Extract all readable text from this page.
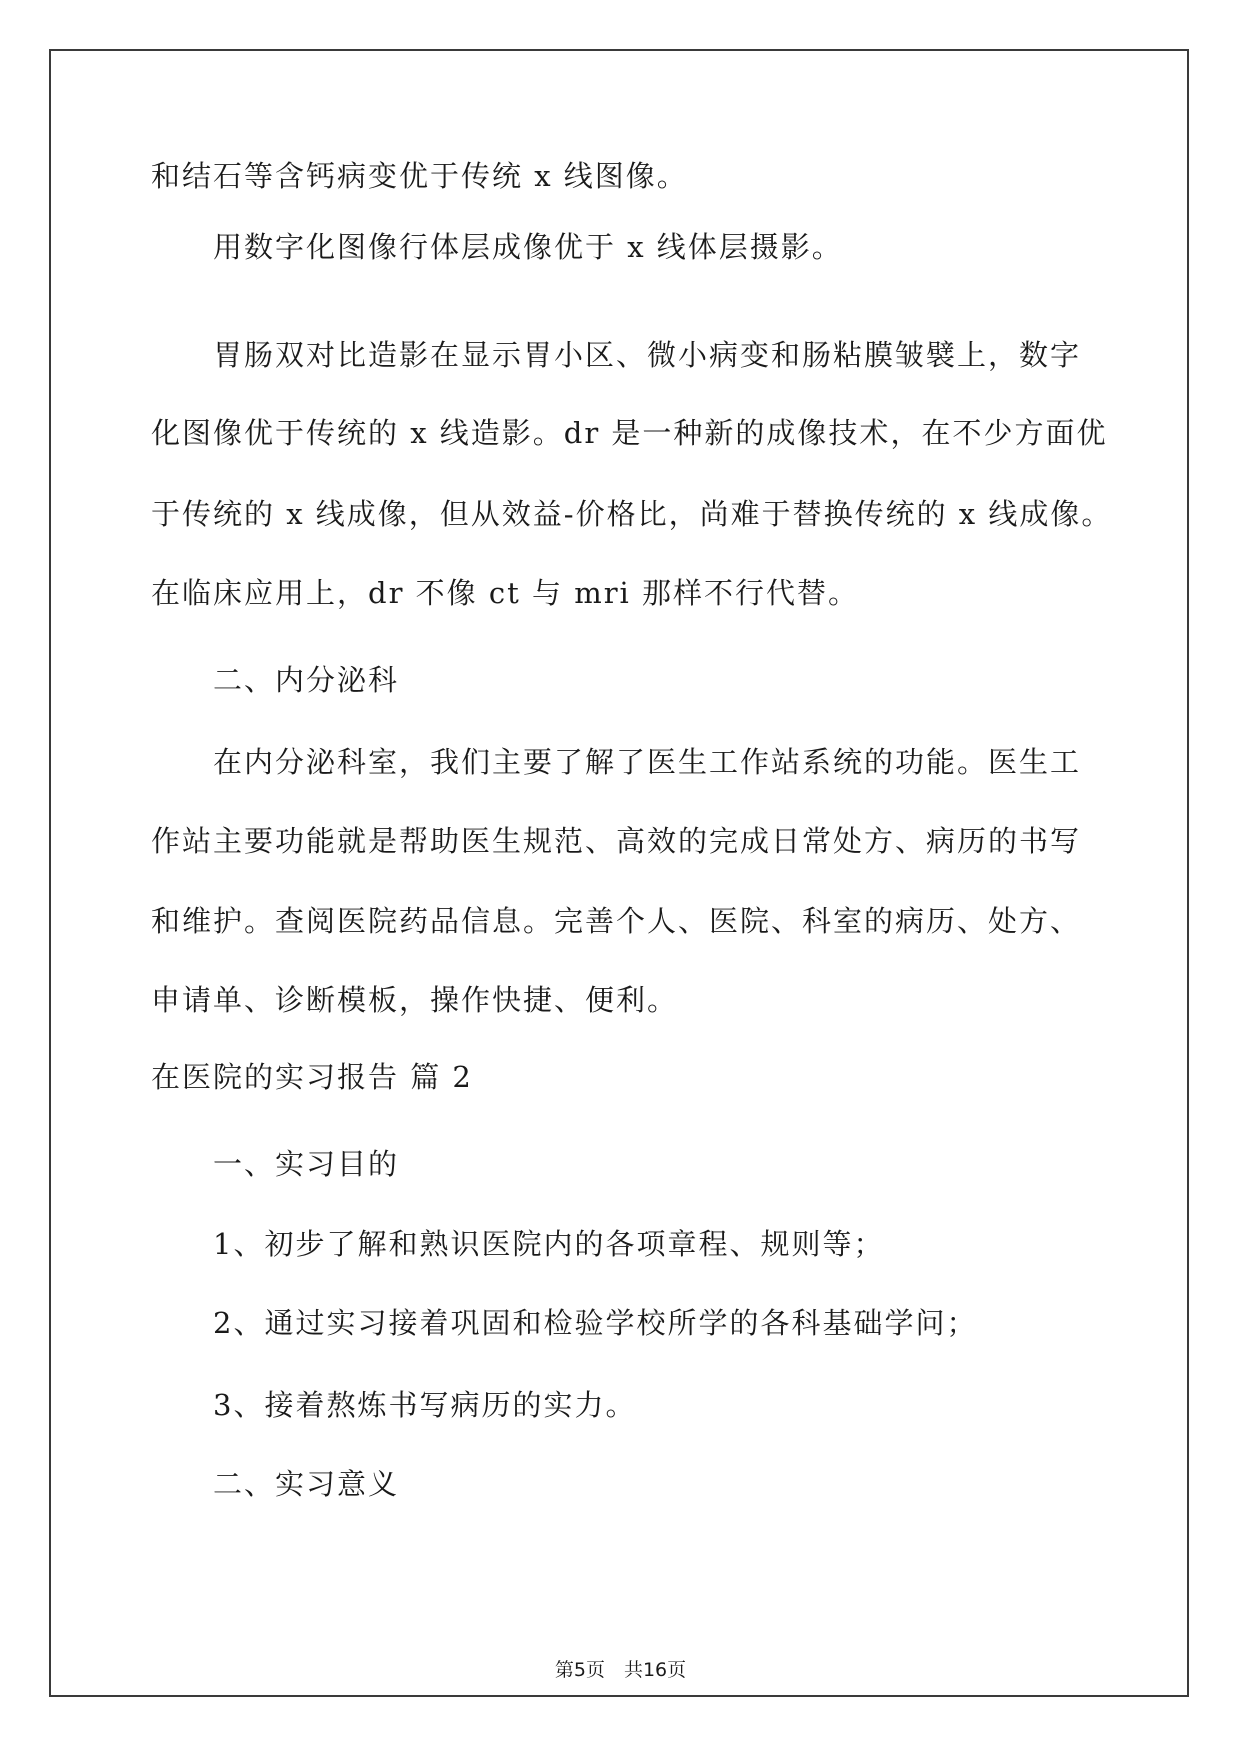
和结石等含钙病变优于传统 x 线图像。
用数字化图像行体层成像优于 x 线体层摄影。
胃肠双对比造影在显示胃小区、微小病变和肠粘膜皱襞上，数字
化图像优于传统的 x 线造影。dr 是一种新的成像技术，在不少方面优
于传统的 x 线成像，但从效益-价格比，尚难于替换传统的 x 线成像。
在临床应用上，dr 不像 ct 与 mri 那样不行代替。
二、内分泌科
在内分泌科室，我们主要了解了医生工作站系统的功能。医生工
作站主要功能就是帮助医生规范、高效的完成日常处方、病历的书写
和维护。查阅医院药品信息。完善个人、医院、科室的病历、处方、
申请单、诊断模板，操作快捷、便利。
在医院的实习报告 篇 2
一、实习目的
1、初步了解和熟识医院内的各项章程、规则等；
2、通过实习接着巩固和检验学校所学的各科基础学问；
3、接着熬炼书写病历的实力。
二、实习意义
第5页　共16页
